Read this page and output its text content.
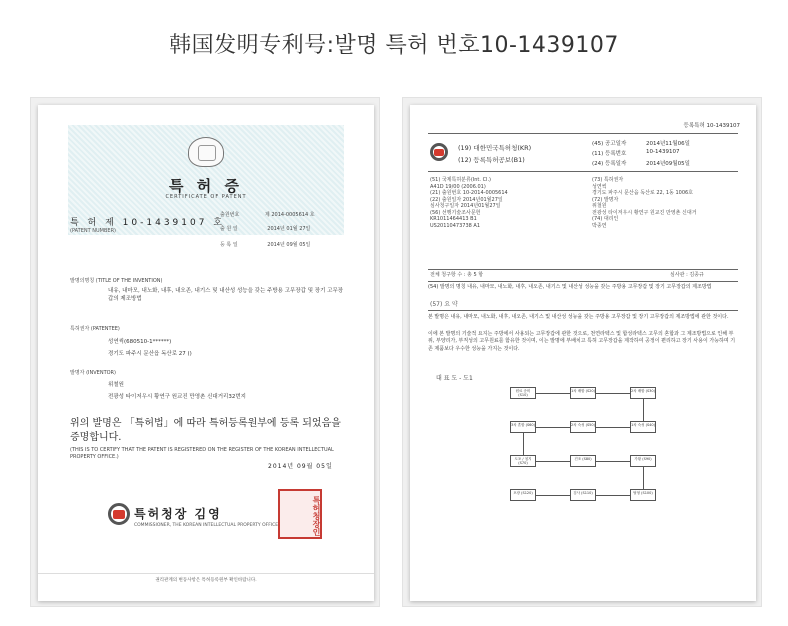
韩国发明专利号:발명 특허 번호10-1439107
특 허 증
CERTIFICATE OF PATENT
특 허 제 10-1439107 호
(PATENT NUMBER)
출원번호	제 2014-0005614 호
출 원 일	2014년 01월 27일
등 록 일	2014년 09월 05일
발명의명칭 (TITLE OF THE INVENTION)
내유, 내마모, 내노화, 내후, 내오존, 내기스 및 내산성 성능을 갖는 주방용 고무장갑 및 장기 고무장갑의 제조방법
특허권자 (PATENTEE)
성연씩(680510-1******)
경기도 파주시 문산읍 독산로 27 ()
발명자 (INVENTOR)
위철원
전광성 타이저우시 황연구 원교진 만영촌 신대거리32번지
위의 발명은 「특허법」에 따라 특허등록원부에 등록 되었음을 증명합니다.
(THIS IS TO CERTIFY THAT THE PATENT IS REGISTERED ON THE REGISTER OF THE KOREAN INTELLECTUAL PROPERTY OFFICE.)
2014년 09월 05일
특허청장 김영
COMMISSIONER, THE KOREAN INTELLECTUAL PROPERTY OFFICE	특허청장인
권리관계의 변동사항은 특허등록원부 확인바랍니다.
등록특허 10-1439107
(19) 대한민국특허청(KR)
(12) 등록특허공보(B1)
(45) 공고일자	2014년11월06일
(11) 등록번호	10-1439107
(24) 등록일자	2014년09월05일
(51) 국제특허분류(Int. Cl.)
A41D 19/00 (2006.01)
(21) 출원번호 10-2014-0005614
(22) 출원일자 2014년01월27일
심사청구일자 2014년01월27일
(56) 선행기술조사문헌
KR1011464413 B1
US20110473738 A1
(73) 특허권자
성연씩
경기도 파주시 문산읍 독산로 22, 1동 1006호
(72) 발명자
위철원
전광성 타이저우시 황연구 원교진 만영촌 신대거
(74) 대리인
박종연
전체 청구항 수 : 총 5 항	심사관 : 김종규
(54) 발명의 명칭 내유, 내마모, 내노화, 내후, 내오존, 내기스 및 내산성 성능을 갖는 주방용 고무장갑 및 장기 고무장갑의 제조방법
(57) 요 약
본 발명은 내유, 내마모, 내노화, 내후, 내오존, 내기스 및 내산성 성능을 갖는 주방용 고무장갑 및 장기 고무장갑의 제조방법에 관한 것이다.
이에 본 발명의 기술적 요지는 주방에서 사용되는 고무장갑에 관한 것으로, 천연라텍스 및 합성라텍스 고무의 혼합과 그 제조방법으로 인해 부위, 부양리가, 부직성의 고무원료를 함유한 것이며, 이는 발명에 부배치고 특허 고무장갑을 제작하여 공정이 편리하고 장기 사용이 가능하며 기존 제품보다 우수한 성능을 가지는 것이다.
대 표 도 - 도1
원료 준비(S10)
1차 배합 (S20)	2차 배합 (S30)
3차 혼합 (S60)	2차 숙성 (S50)	1차 숙성 (S40)
도포 / 침지 (S70)
건조 (S80)	가황 (S90)
포장 (S120)	검사 (S110)	탈형 (S100)
